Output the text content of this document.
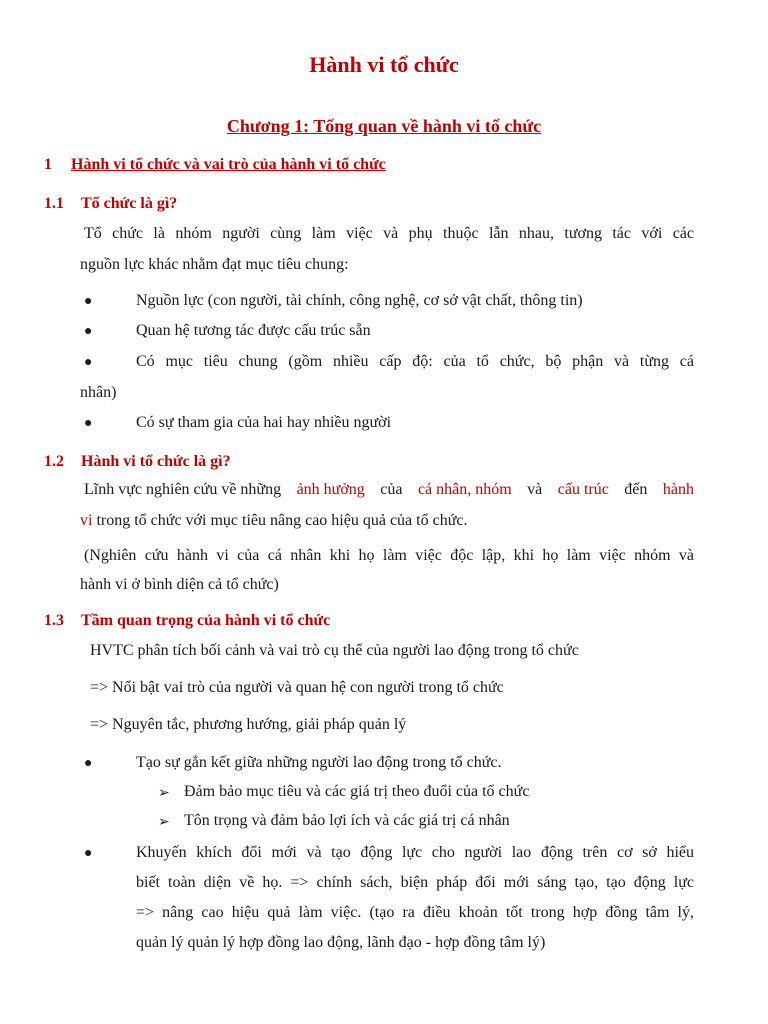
Hành vi tổ chức
Chương 1: Tổng quan về hành vi tổ chức
1 Hành vi tổ chức và vai trò của hành vi tổ chức
1.1 Tổ chức là gì?
Tổ chức là nhóm người cùng làm việc và phụ thuộc lẫn nhau, tương tác với các
nguồn lực khác nhằm đạt mục tiêu chung:
●	Nguồn lực (con người, tài chính, công nghệ, cơ sở vật chất, thông tin)
●	Quan hệ tương tác được cấu trúc sẵn
●	Có mục tiêu chung (gồm nhiều cấp độ: của tổ chức, bộ phận và từng cá
nhân)
●	Có sự tham gia của hai hay nhiều người
1.2 Hành vi tổ chức là gì?
Lĩnh vực nghiên cứu về những ảnh hưởng của cá nhân, nhóm và cấu trúc đến hành
vi trong tổ chức với mục tiêu nâng cao hiệu quả của tổ chức.
(Nghiên cứu hành vi của cá nhân khi họ làm việc độc lập, khi họ làm việc nhóm và
hành vi ở bình diện cả tổ chức)
1.3 Tầm quan trọng của hành vi tổ chức
HVTC phân tích bối cảnh và vai trò cụ thể của người lao động trong tổ chức
=> Nổi bật vai trò của người và quan hệ con người trong tổ chức
=> Nguyên tắc, phương hướng, giải pháp quản lý
●	Tạo sự gắn kết giữa những người lao động trong tổ chức.
➢ Đảm bảo mục tiêu và các giá trị theo đuổi của tổ chức
➢ Tôn trọng và đảm bảo lợi ích và các giá trị cá nhân
●	Khuyến khích đổi mới và tạo động lực cho người lao động trên cơ sở hiểu
biết toàn diện về họ. => chính sách, biện pháp đổi mới sáng tạo, tạo động lực
=> nâng cao hiệu quả làm việc. (tạo ra điều khoản tốt trong hợp đồng tâm lý,
quản lý quản lý hợp đồng lao động, lãnh đạo - hợp đồng tâm lý)
